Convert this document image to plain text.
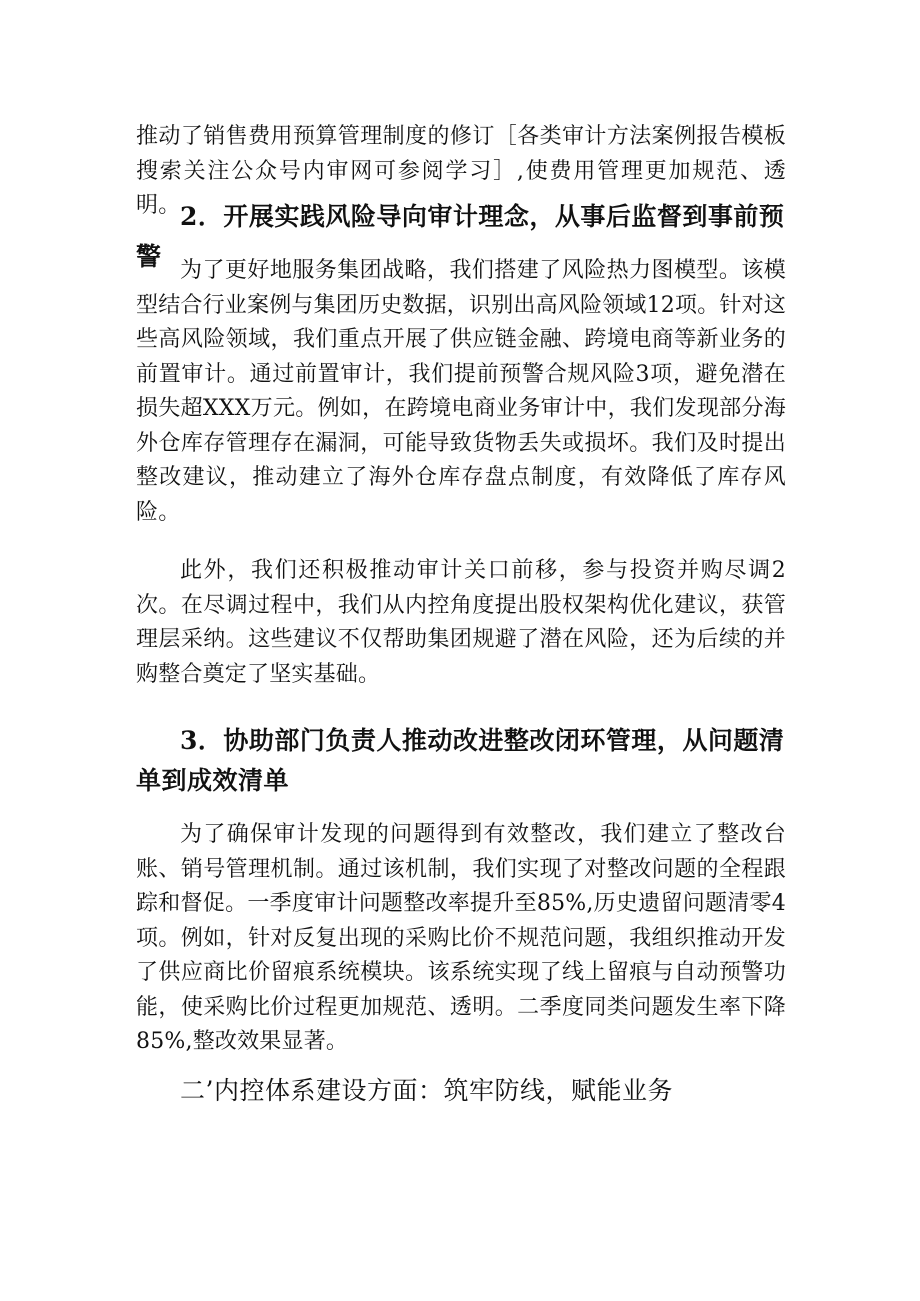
推动了销售费用预算管理制度的修订［各类审计方法案例报告模板搜索关注公众号内审网可参阅学习］,使费用管理更加规范、透明。 2．开展实践风险导向审计理念，从事后监督到事前预警 为了更好地服务集团战略，我们搭建了风险热力图模型。该模型结合行业案例与集团历史数据，识别出高风险领域12项。针对这些高风险领域，我们重点开展了供应链金融、跨境电商等新业务的前置审计。通过前置审计，我们提前预警合规风险3项，避免潜在损失超XXX万元。例如，在跨境电商业务审计中，我们发现部分海外仓库存管理存在漏洞，可能导致货物丢失或损坏。我们及时提出整改建议，推动建立了海外仓库存盘点制度，有效降低了库存风险。

此外，我们还积极推动审计关口前移，参与投资并购尽调2次。在尽调过程中，我们从内控角度提出股权架构优化建议，获管理层采纳。这些建议不仅帮助集团规避了潜在风险，还为后续的并购整合奠定了坚实基础。

3．协助部门负责人推动改进整改闭环管理，从问题清单到成效清单

为了确保审计发现的问题得到有效整改，我们建立了整改台账、销号管理机制。通过该机制，我们实现了对整改问题的全程跟踪和督促。一季度审计问题整改率提升至85%,历史遗留问题清零4项。例如，针对反复出现的采购比价不规范问题，我组织推动开发了供应商比价留痕系统模块。该系统实现了线上留痕与自动预警功能，使采购比价过程更加规范、透明。二季度同类问题发生率下降85%,整改效果显著。

二’内控体系建设方面：筑牢防线，赋能业务
